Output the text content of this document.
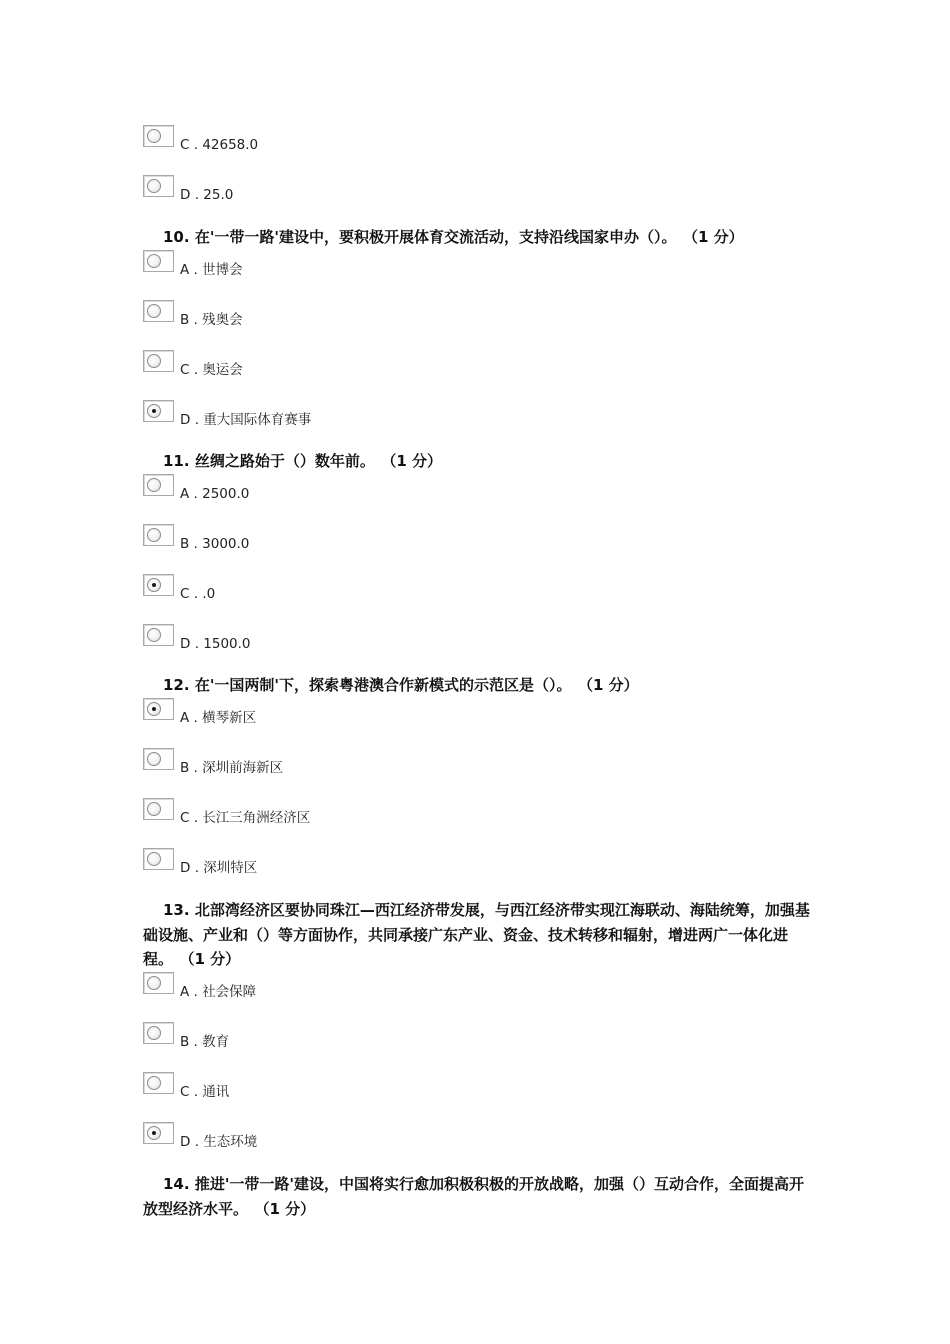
C . 42658.0
D . 25.0
10. 在'一带一路'建设中，要积极开展体育交流活动，支持沿线国家申办（）。 （1 分）
A . 世博会
B . 残奥会
C . 奥运会
D . 重大国际体育赛事
11. 丝绸之路始于（）数年前。 （1 分）
A . 2500.0
B . 3000.0
C . .0
D . 1500.0
12. 在'一国两制'下，探索粤港澳合作新模式的示范区是（）。 （1 分）
A . 横琴新区
B . 深圳前海新区
C . 长江三角洲经济区
D . 深圳特区
13. 北部湾经济区要协同珠江—西江经济带发展，与西江经济带实现江海联动、海陆统筹，加强基础设施、产业和（）等方面协作，共同承接广东产业、资金、技术转移和辐射，增进两广一体化进程。 （1 分）
A . 社会保障
B . 教育
C . 通讯
D . 生态环境
14. 推进'一带一路'建设，中国将实行愈加积极积极的开放战略，加强（）互动合作，全面提高开放型经济水平。 （1 分）
